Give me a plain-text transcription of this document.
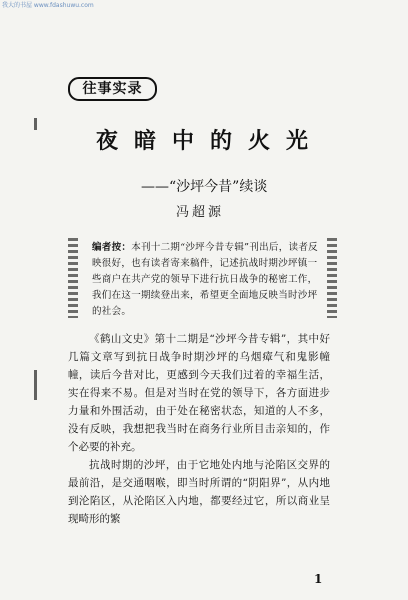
我大的书屋 www.fdashuwu.com
往事实录
夜暗中的火光
——“沙坪今昔”续谈
冯超源

编者按：本刊十二期“沙坪今昔专辑”刊出后，读者反映很好，也有读者寄来稿件，记述抗战时期沙坪镇一些商户在共产党的领导下进行抗日战争的秘密工作，我们在这一期续登出来，希望更全面地反映当时沙坪的社会。

《鹤山文史》第十二期是“沙坪今昔专辑”，其中好几篇文章写到抗日战争时期沙坪的乌烟瘴气和鬼影幢幢，读后今昔对比，更感到今天我们过着的幸福生活，实在得来不易。但是对当时在党的领导下，各方面进步力量和外围活动，由于处在秘密状态，知道的人不多，没有反映，我想把我当时在商务行业所目击亲知的，作个必要的补充。

抗战时期的沙坪，由于它地处内地与沦陷区交界的最前沿，是交通咽喉，即当时所谓的“阴阳界”，从内地到沦陷区，从沦陷区入内地，都要经过它，所以商业呈现畸形的繁

1
